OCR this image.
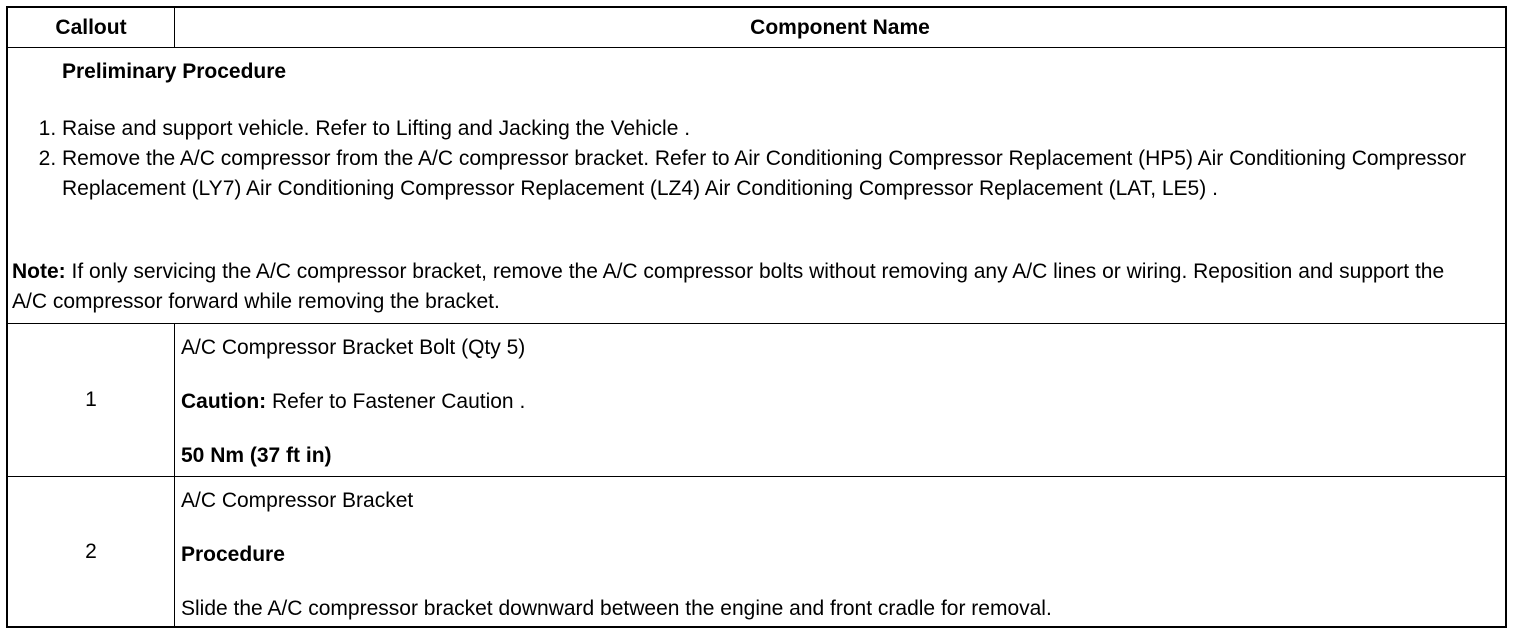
Callout	Component Name
Preliminary Procedure
1. Raise and support vehicle. Refer to Lifting and Jacking the Vehicle .
2. Remove the A/C compressor from the A/C compressor bracket. Refer to Air Conditioning Compressor Replacement (HP5) Air Conditioning Compressor Replacement (LY7) Air Conditioning Compressor Replacement (LZ4) Air Conditioning Compressor Replacement (LAT, LE5) .
Note: If only servicing the A/C compressor bracket, remove the A/C compressor bolts without removing any A/C lines or wiring. Reposition and support the A/C compressor forward while removing the bracket.
1
A/C Compressor Bracket Bolt (Qty 5)
Caution: Refer to Fastener Caution .
50 Nm (37 ft in)
2
A/C Compressor Bracket
Procedure
Slide the A/C compressor bracket downward between the engine and front cradle for removal.
